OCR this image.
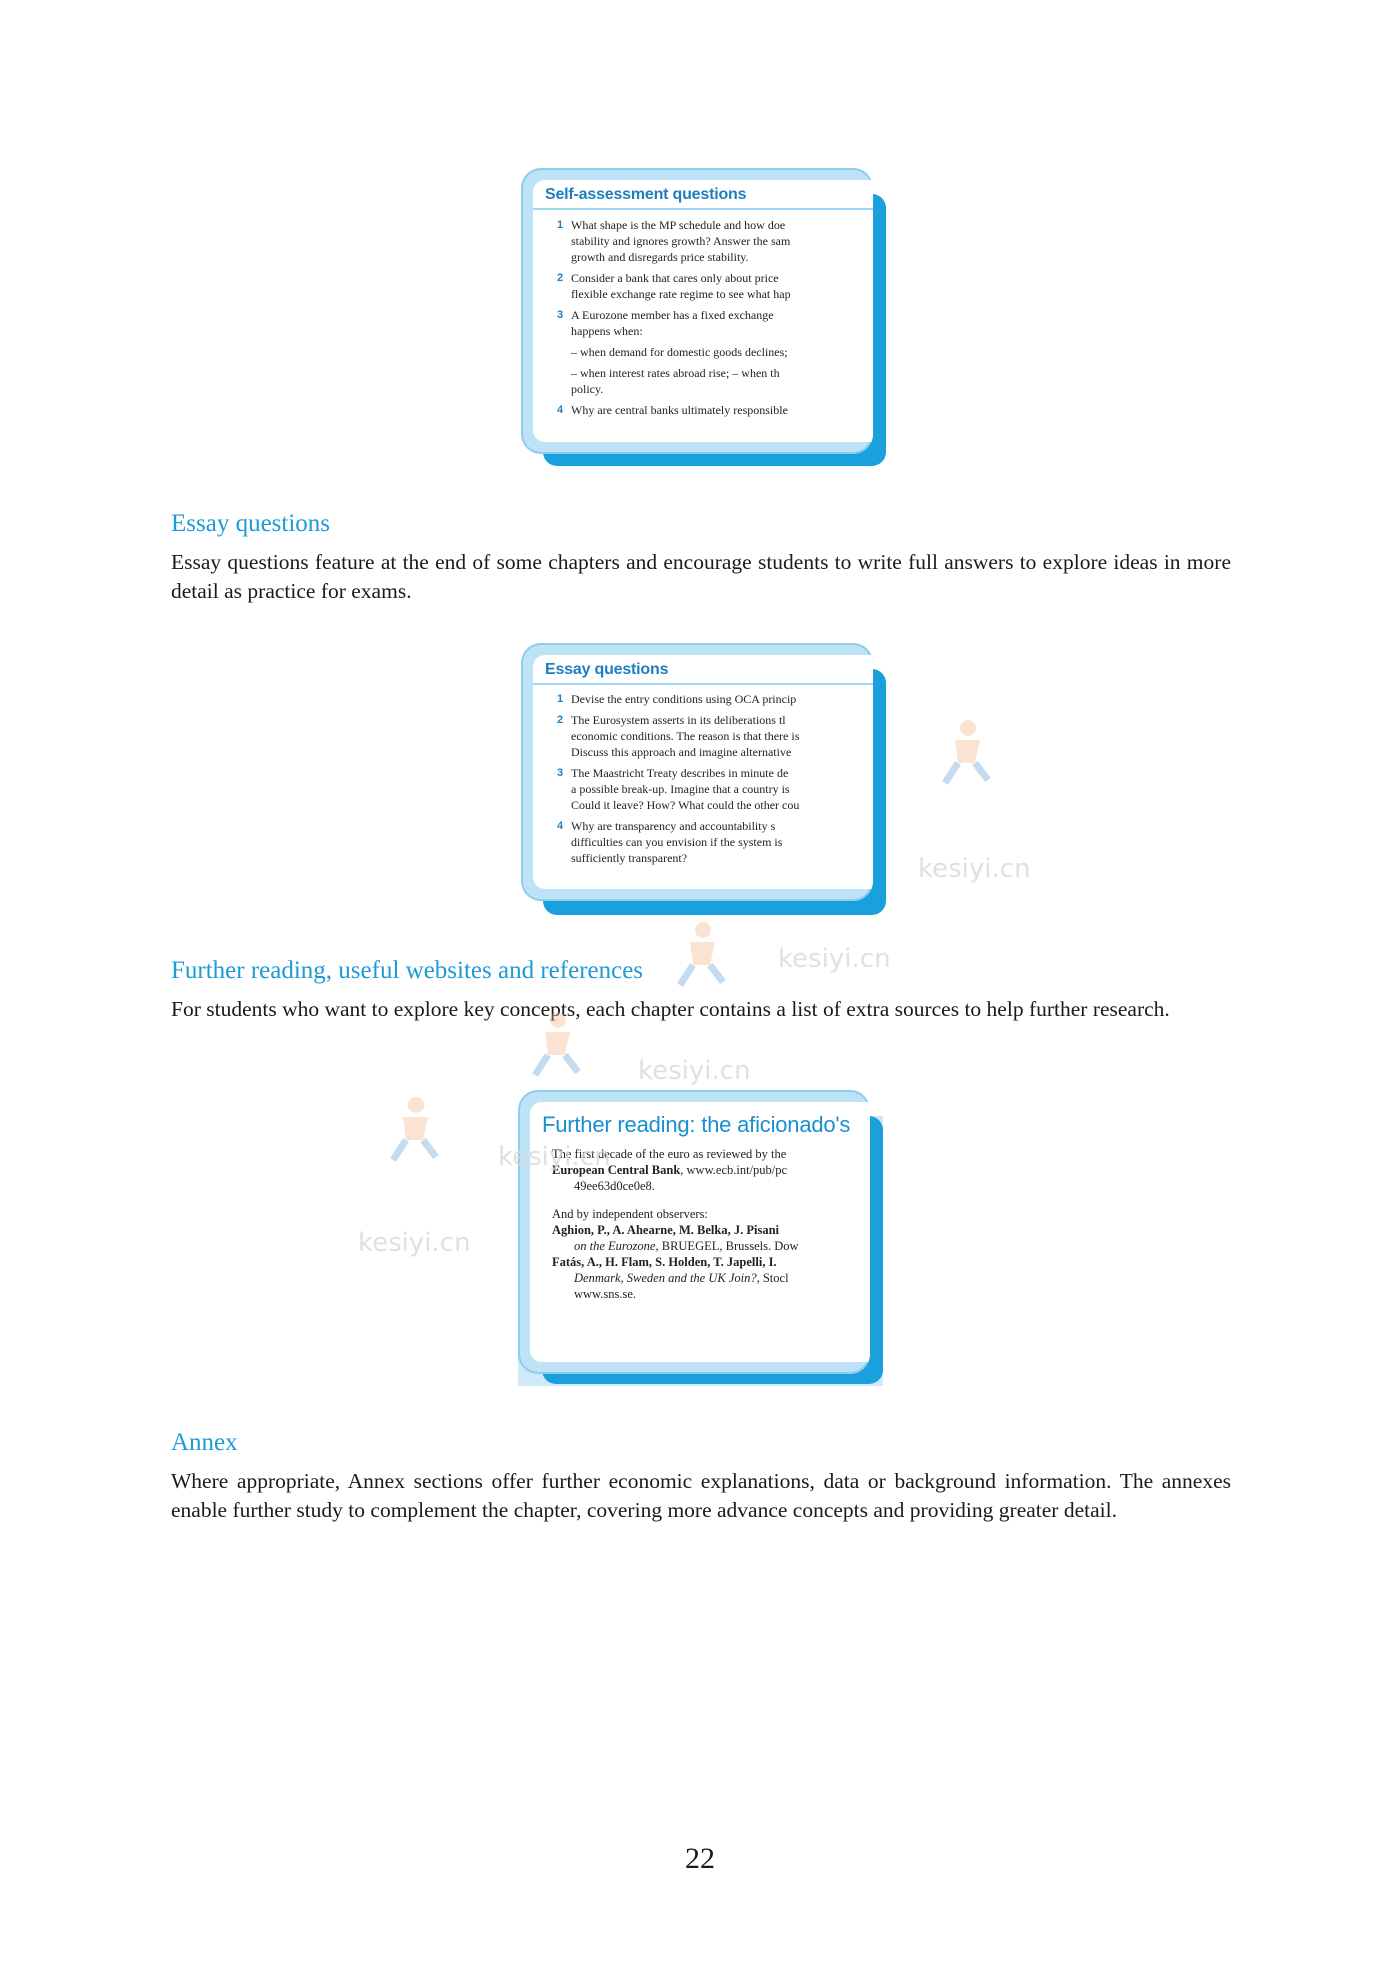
Self-assessment questions
1 What shape is the MP schedule and how doe
stability and ignores growth? Answer the sam
growth and disregards price stability.
2 Consider a bank that cares only about price
flexible exchange rate regime to see what hap
3 A Eurozone member has a fixed exchange
happens when:
– when demand for domestic goods declines;
– when interest rates abroad rise; – when th
policy.
4 Why are central banks ultimately responsible
Essay questions

Essay questions feature at the end of some chapters and encourage students to write full answers to explore ideas in more detail as practice for exams.

Essay questions
1 Devise the entry conditions using OCA princip
2 The Eurosystem asserts in its deliberations tl
economic conditions. The reason is that there is
Discuss this approach and imagine alternative
3 The Maastricht Treaty describes in minute de
a possible break-up. Imagine that a country is
Could it leave? How? What could the other cou
4 Why are transparency and accountability s
difficulties can you envision if the system is
sufficiently transparent?
Further reading, useful websites and references

For students who want to explore key concepts, each chapter contains a list of extra sources to help further research.

Further reading: the aficionado's
The first decade of the euro as reviewed by the
European Central Bank, www.ecb.int/pub/pc
49ee63d0ce0e8.
And by independent observers:
Aghion, P., A. Ahearne, M. Belka, J. Pisani
on the Eurozone, BRUEGEL, Brussels. Dow
Fatás, A., H. Flam, S. Holden, T. Japelli, I.
Denmark, Sweden and the UK Join?, Stocl
www.sns.se.
Annex

Where appropriate, Annex sections offer further economic explanations, data or background information. The annexes enable further study to complement the chapter, covering more advance concepts and providing greater detail.

kesiyi.cn
kesiyi.cn
kesiyi.cn
kesiyi.cn
kesiyi.cn
22
